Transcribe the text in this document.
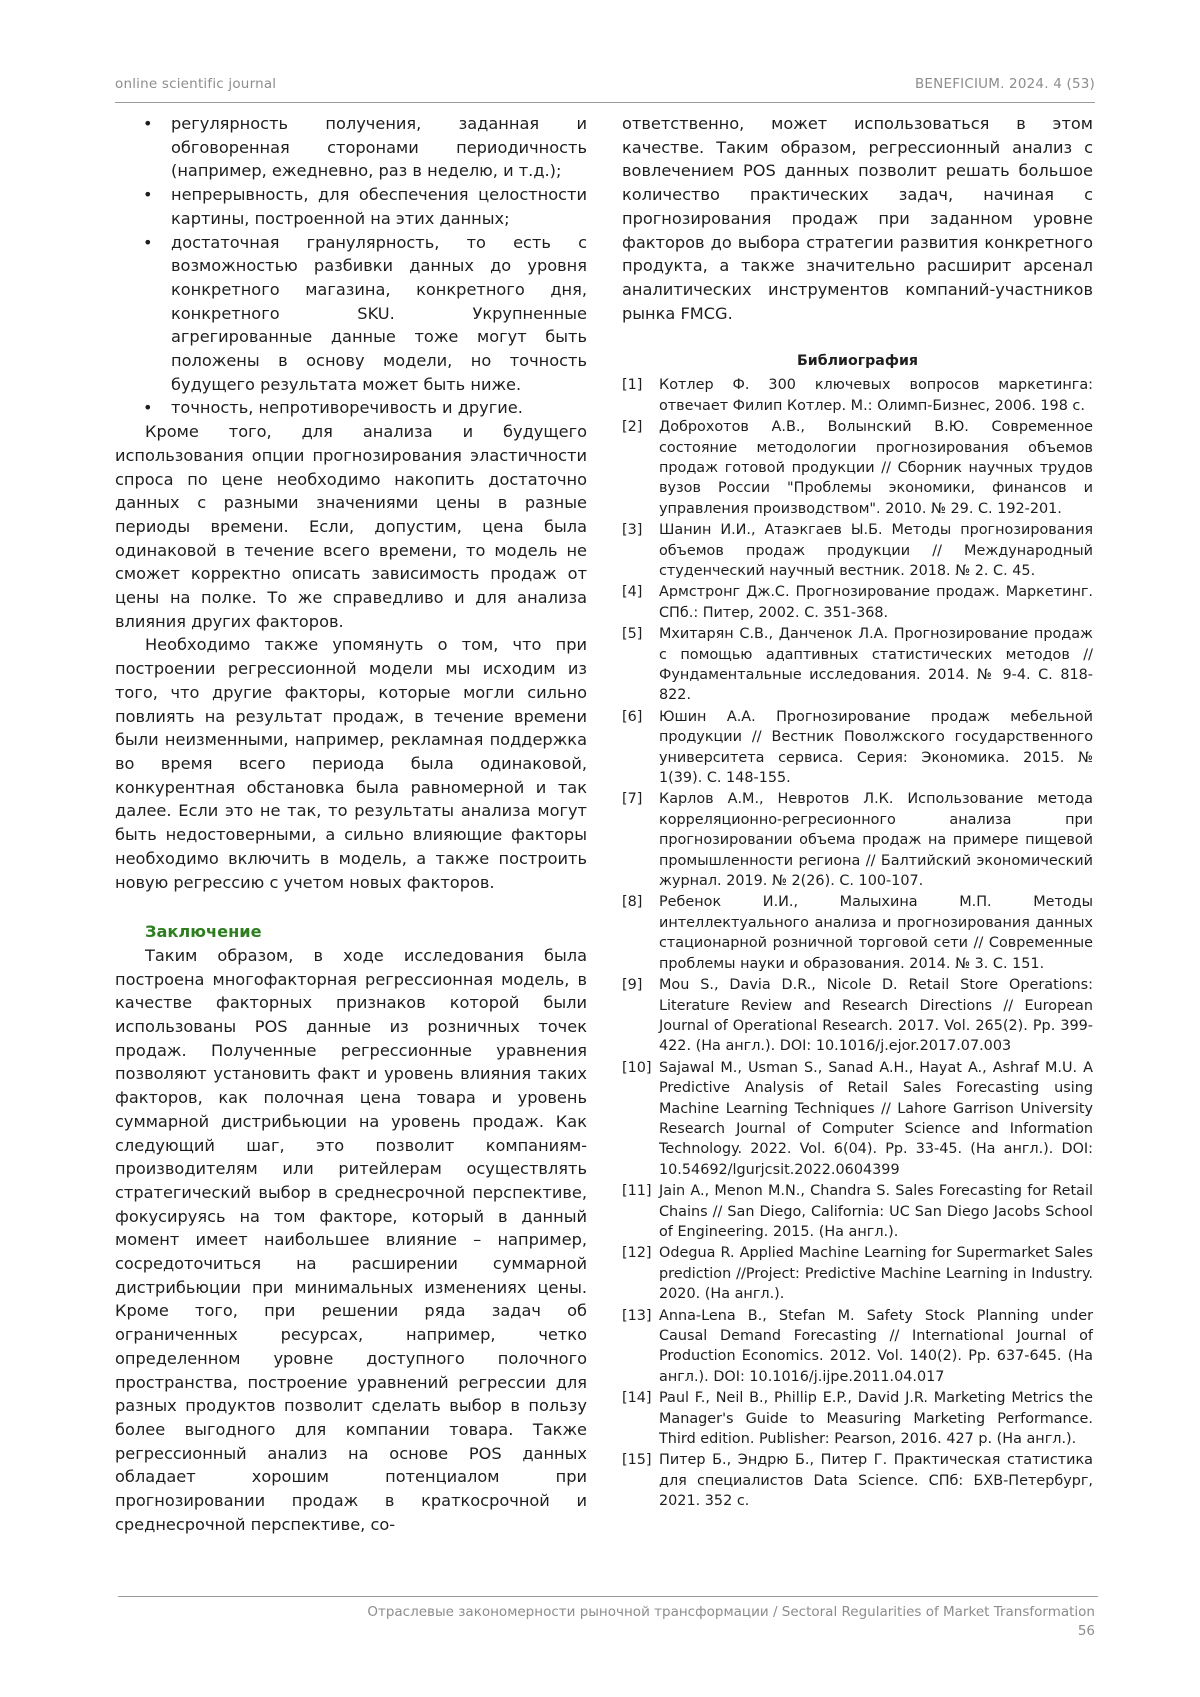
online scientific journal	BENEFICIUM. 2024. 4 (53)
• регулярность получения, заданная и обговоренная сторонами периодичность (например, ежедневно, раз в неделю, и т.д.);
• непрерывность, для обеспечения целостности картины, построенной на этих данных;
• достаточная гранулярность, то есть с возможностью разбивки данных до уровня конкретного магазина, конкретного дня, конкретного SKU. Укрупненные агрегированные данные тоже могут быть положены в основу модели, но точность будущего результата может быть ниже.
• точность, непротиворечивость и другие.

Кроме того, для анализа и будущего использования опции прогнозирования эластичности спроса по цене необходимо накопить достаточно данных с разными значениями цены в разные периоды времени. Если, допустим, цена была одинаковой в течение всего времени, то модель не сможет корректно описать зависимость продаж от цены на полке. То же справедливо и для анализа влияния других факторов.

Необходимо также упомянуть о том, что при построении регрессионной модели мы исходим из того, что другие факторы, которые могли сильно повлиять на результат продаж, в течение времени были неизменными, например, рекламная поддержка во время всего периода была одинаковой, конкурентная обстановка была равномерной и так далее. Если это не так, то результаты анализа могут быть недостоверными, а сильно влияющие факторы необходимо включить в модель, а также построить новую регрессию с учетом новых факторов.

Заключение

Таким образом, в ходе исследования была построена многофакторная регрессионная модель, в качестве факторных признаков которой были использованы POS данные из розничных точек продаж. Полученные регрессионные уравнения позволяют установить факт и уровень влияния таких факторов, как полочная цена товара и уровень суммарной дистрибьюции на уровень продаж. Как следующий шаг, это позволит компаниям-производителям или ритейлерам осуществлять стратегический выбор в среднесрочной перспективе, фокусируясь на том факторе, который в данный момент имеет наибольшее влияние – например, сосредоточиться на расширении суммарной дистрибьюции при минимальных изменениях цены. Кроме того, при решении ряда задач об ограниченных ресурсах, например, четко определенном уровне доступного полочного пространства, построение уравнений регрессии для разных продуктов позволит сделать выбор в пользу более выгодного для компании товара. Также регрессионный анализ на основе POS данных обладает хорошим потенциалом при прогнозировании продаж в краткосрочной и среднесрочной перспективе, со-

ответственно, может использоваться в этом качестве. Таким образом, регрессионный анализ с вовлечением POS данных позволит решать большое количество практических задач, начиная с прогнозирования продаж при заданном уровне факторов до выбора стратегии развития конкретного продукта, а также значительно расширит арсенал аналитических инструментов компаний-участников рынка FMCG.

Библиография
[1]	Котлер Ф. 300 ключевых вопросов маркетинга: отвечает Филип Котлер. М.: Олимп-Бизнес, 2006. 198 с.
[2]	Доброхотов А.В., Волынский В.Ю. Современное состояние методологии прогнозирования объемов продаж готовой продукции // Сборник научных трудов вузов России "Проблемы экономики, финансов и управления производством". 2010. № 29. С. 192-201.
[3]	Шанин И.И., Атаэкгаев Ы.Б. Методы прогнозирования объемов продаж продукции // Международный студенческий научный вестник. 2018. № 2. С. 45.
[4]	Армстронг Дж.С. Прогнозирование продаж. Маркетинг. СПб.: Питер, 2002. С. 351-368.
[5]	Мхитарян С.В., Данченок Л.А. Прогнозирование продаж с помощью адаптивных статистических методов // Фундаментальные исследования. 2014. № 9-4. С. 818-822.
[6]	Юшин А.А. Прогнозирование продаж мебельной продукции // Вестник Поволжского государственного университета сервиса. Серия: Экономика. 2015. № 1(39). С. 148-155.
[7]	Карлов А.М., Невротов Л.К. Использование метода корреляционно-регресионного анализа при прогнозировании объема продаж на примере пищевой промышленности региона // Балтийский экономический журнал. 2019. № 2(26). С. 100-107.
[8]	Ребенок И.И., Малыхина М.П. Методы интеллектуального анализа и прогнозирования данных стационарной розничной торговой сети // Современные проблемы науки и образования. 2014. № 3. С. 151.
[9]	Mou S., Davia D.R., Nicole D. Retail Store Operations: Literature Review and Research Directions // European Journal of Operational Research. 2017. Vol. 265(2). Pp. 399-422. (На англ.). DOI: 10.1016/j.ejor.2017.07.003
[10] Sajawal M., Usman S., Sanad A.H., Hayat A., Ashraf M.U. A Predictive Analysis of Retail Sales Forecasting using Machine Learning Techniques // Lahore Garrison University Research Journal of Computer Science and Information Technology. 2022. Vol. 6(04). Pp. 33-45. (На англ.). DOI: 10.54692/lgurjcsit.2022.0604399
[11] Jain A., Menon M.N., Chandra S. Sales Forecasting for Retail Chains // San Diego, California: UC San Diego Jacobs School of Engineering. 2015. (На англ.).
[12] Odegua R. Applied Machine Learning for Supermarket Sales prediction //Project: Predictive Machine Learning in Industry. 2020. (На англ.).
[13] Anna-Lena B., Stefan M. Safety Stock Planning under Causal Demand Forecasting // International Journal of Production Economics. 2012. Vol. 140(2). Pp. 637-645. (На англ.). DOI: 10.1016/j.ijpe.2011.04.017
[14] Paul F., Neil B., Phillip E.P., David J.R. Marketing Metrics the Manager's Guide to Measuring Marketing Performance. Third edition. Publisher: Pearson, 2016. 427 p. (На англ.).
[15] Питер Б., Эндрю Б., Питер Г. Практическая статистика для специалистов Data Science. СПб: БХВ-Петербург, 2021. 352 с.
Отраслевые закономерности рыночной трансформации / Sectoral Regularities of Market Transformation
56
